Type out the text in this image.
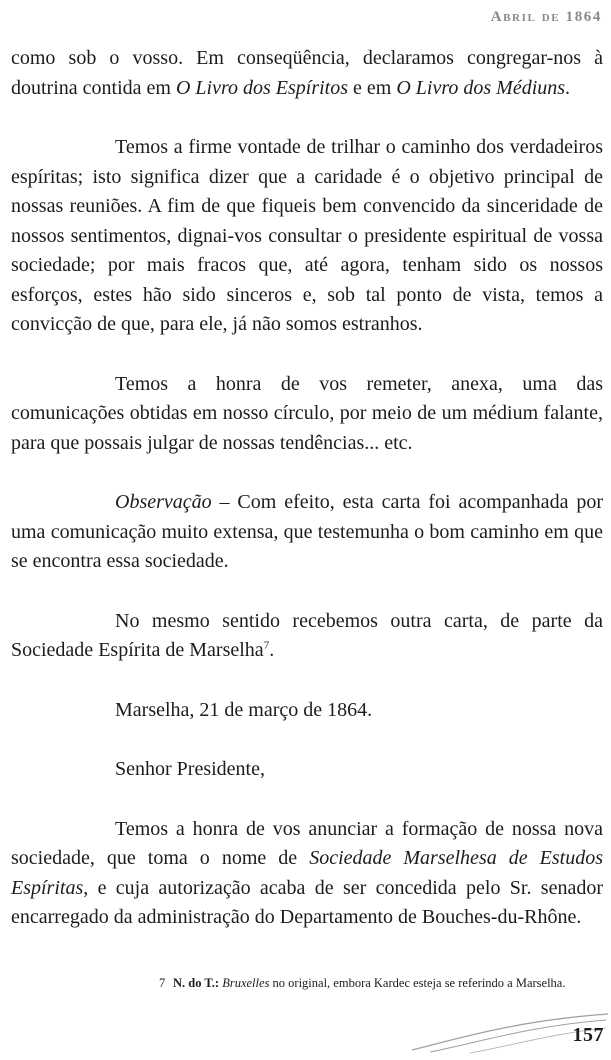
Abril de 1864

como sob o vosso. Em conseqüência, declaramos congregar-nos à doutrina contida em O Livro dos Espíritos e em O Livro dos Médiuns.

Temos a firme vontade de trilhar o caminho dos verdadeiros espíritas; isto significa dizer que a caridade é o objetivo principal de nossas reuniões. A fim de que fiqueis bem convencido da sinceridade de nossos sentimentos, dignai-vos consultar o presidente espiritual de vossa sociedade; por mais fracos que, até agora, tenham sido os nossos esforços, estes hão sido sinceros e, sob tal ponto de vista, temos a convicção de que, para ele, já não somos estranhos.

Temos a honra de vos remeter, anexa, uma das comunicações obtidas em nosso círculo, por meio de um médium falante, para que possais julgar de nossas tendências... etc.

Observação – Com efeito, esta carta foi acompanhada por uma comunicação muito extensa, que testemunha o bom caminho em que se encontra essa sociedade.

No mesmo sentido recebemos outra carta, de parte da Sociedade Espírita de Marselha$^7$.

Marselha, 21 de março de 1864.

Senhor Presidente,

Temos a honra de vos anunciar a formação de nossa nova sociedade, que toma o nome de Sociedade Marselhesa de Estudos Espíritas, e cuja autorização acaba de ser concedida pelo Sr. senador encarregado da administração do Departamento de Bouches-du-Rhône.

7 N. do T.: Bruxelles no original, embora Kardec esteja se referindo a Marselha.
157
